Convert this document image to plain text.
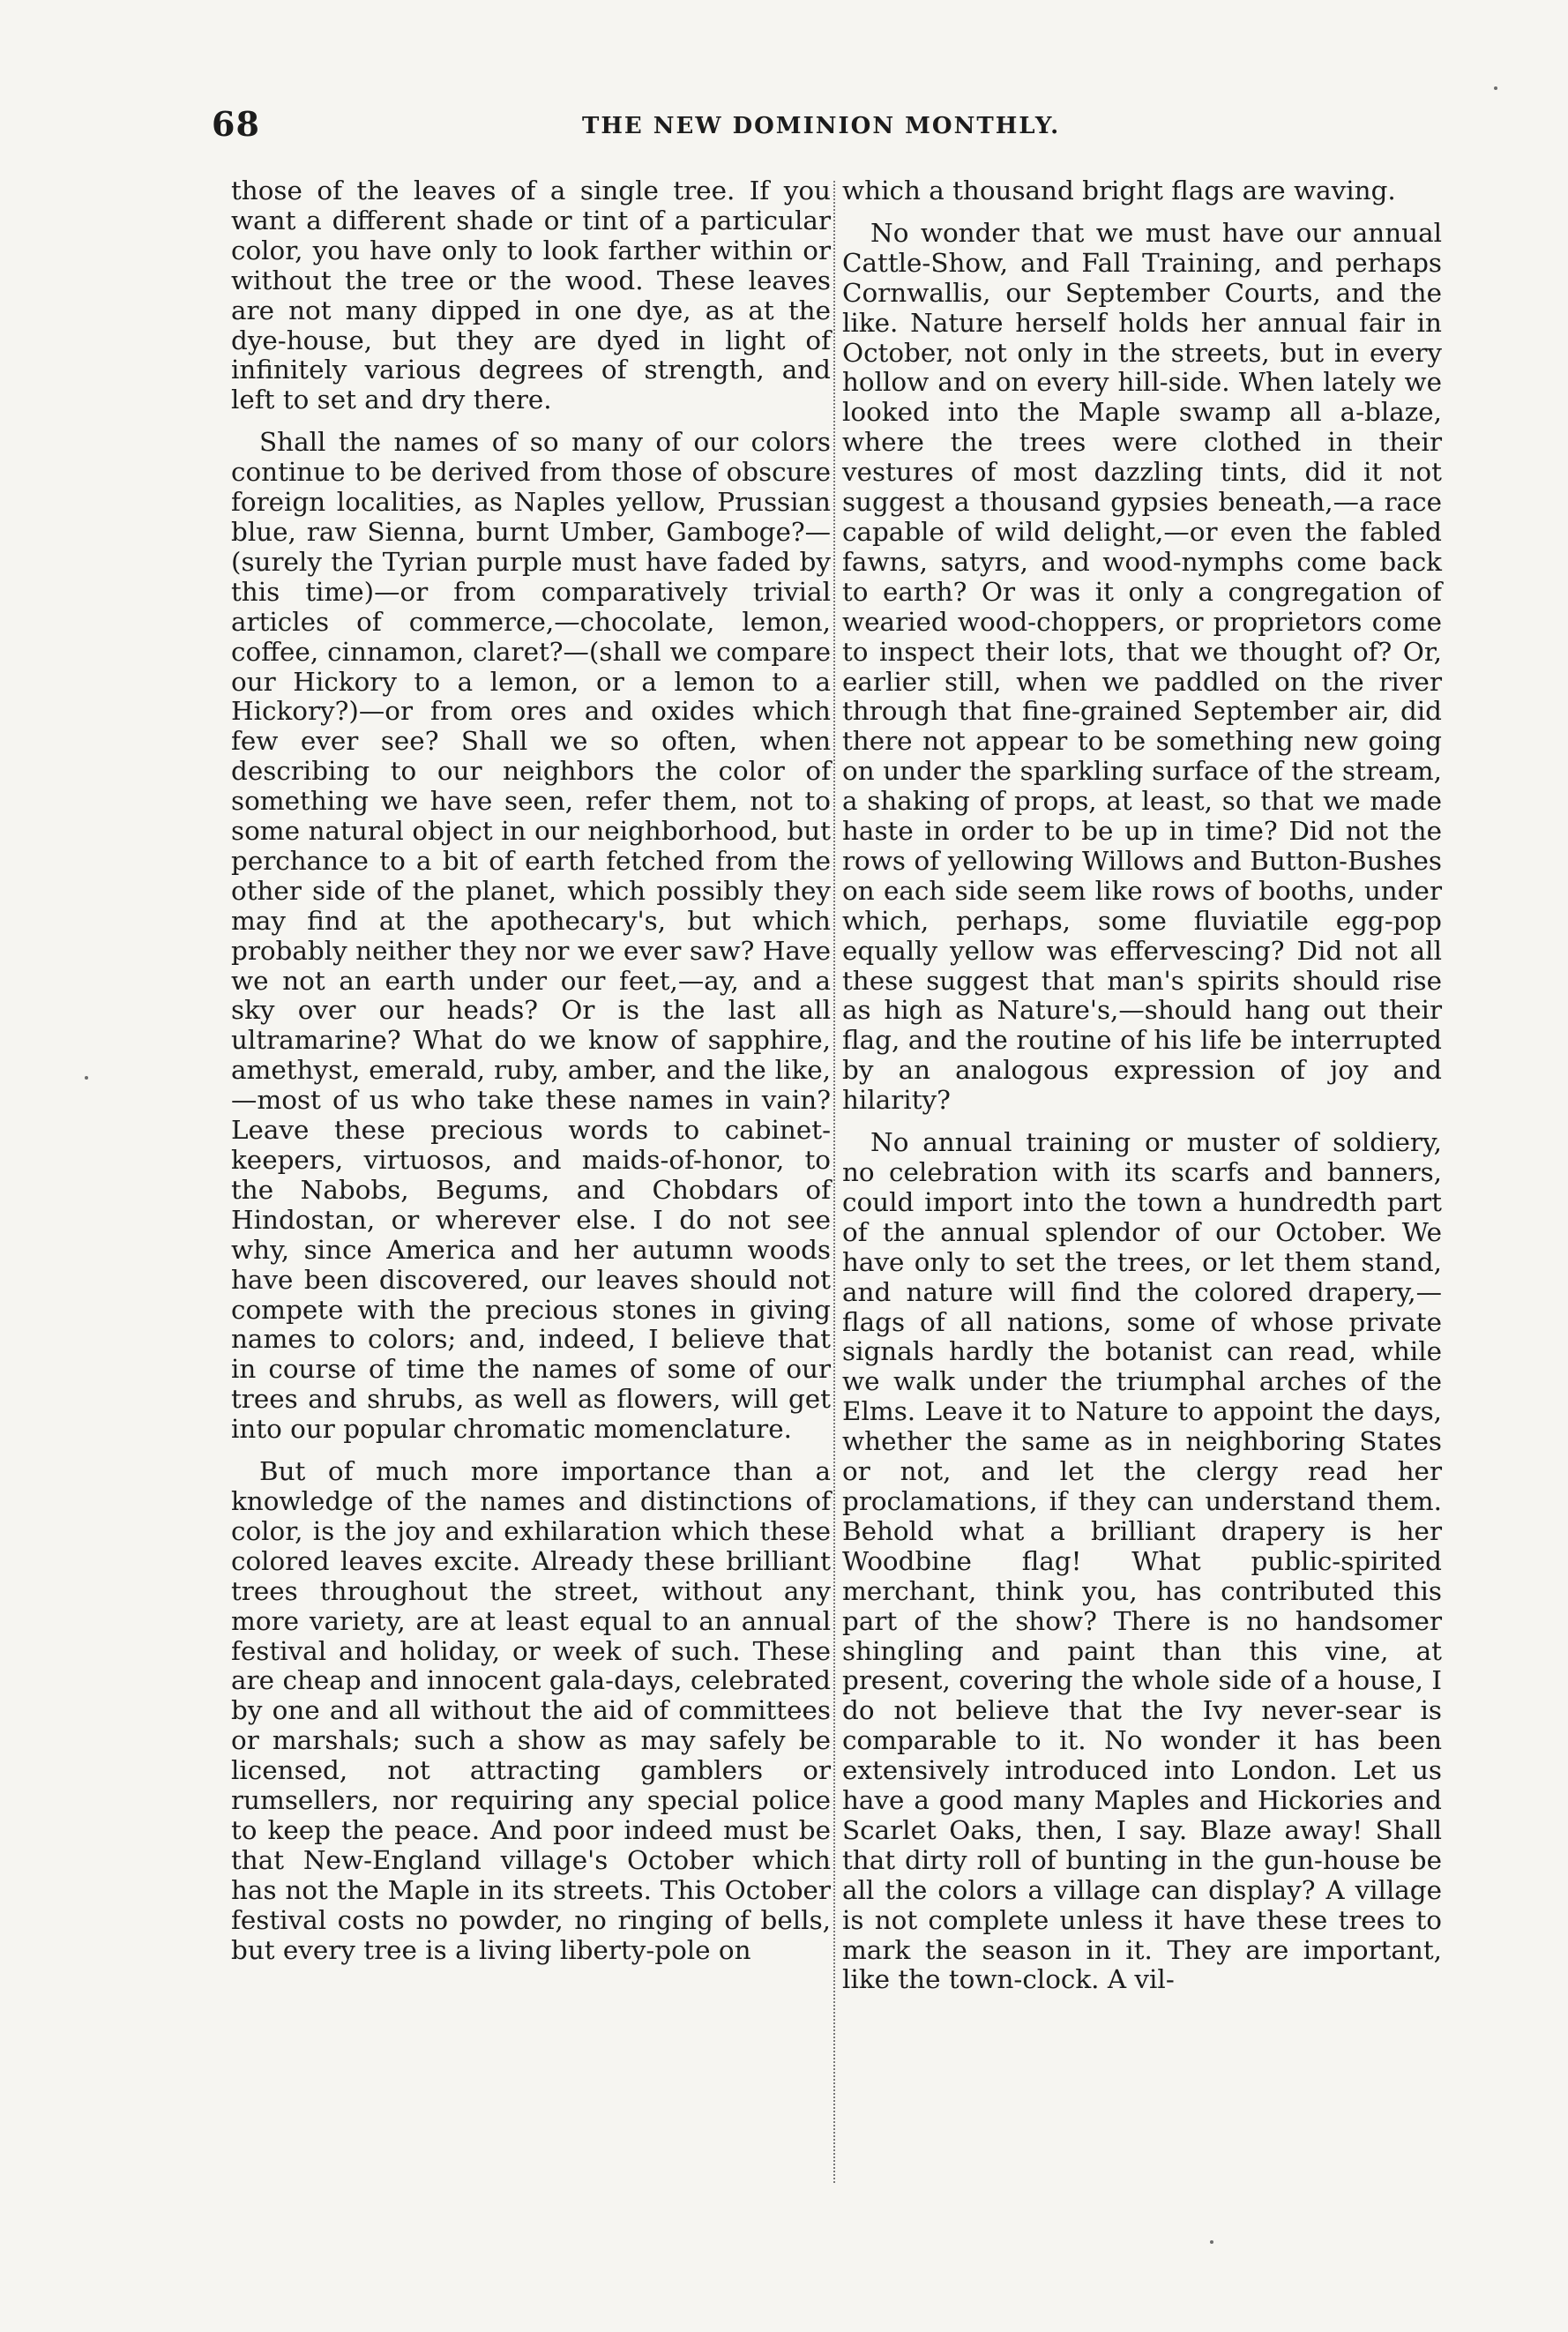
68	THE NEW DOMINION MONTHLY.

those of the leaves of a single tree. If you want a different shade or tint of a particular color, you have only to look farther within or without the tree or the wood. These leaves are not many dipped in one dye, as at the dye-house, but they are dyed in light of infinitely various degrees of strength, and left to set and dry there.

Shall the names of so many of our colors continue to be derived from those of obscure foreign localities, as Naples yellow, Prussian blue, raw Sienna, burnt Umber, Gamboge?—(surely the Tyrian purple must have faded by this time)—or from comparatively trivial articles of commerce,—chocolate, lemon, coffee, cinnamon, claret?—(shall we compare our Hickory to a lemon, or a lemon to a Hickory?)—or from ores and oxides which few ever see? Shall we so often, when describing to our neighbors the color of something we have seen, refer them, not to some natural object in our neighborhood, but perchance to a bit of earth fetched from the other side of the planet, which possibly they may find at the apothecary's, but which probably neither they nor we ever saw? Have we not an earth under our feet,—ay, and a sky over our heads? Or is the last all ultramarine? What do we know of sapphire, amethyst, emerald, ruby, amber, and the like,—most of us who take these names in vain? Leave these precious words to cabinet-keepers, virtuosos, and maids-of-honor, to the Nabobs, Begums, and Chobdars of Hindostan, or wherever else. I do not see why, since America and her autumn woods have been discovered, our leaves should not compete with the precious stones in giving names to colors; and, indeed, I believe that in course of time the names of some of our trees and shrubs, as well as flowers, will get into our popular chromatic momenclature.

But of much more importance than a knowledge of the names and distinctions of color, is the joy and exhilaration which these colored leaves excite. Already these brilliant trees throughout the street, without any more variety, are at least equal to an annual festival and holiday, or week of such. These are cheap and innocent gala-days, celebrated by one and all without the aid of committees or marshals; such a show as may safely be licensed, not attracting gamblers or rumsellers, nor requiring any special police to keep the peace. And poor indeed must be that New-England village's October which has not the Maple in its streets. This October festival costs no powder, no ringing of bells, but every tree is a living liberty-pole on

which a thousand bright flags are waving.

No wonder that we must have our annual Cattle-Show, and Fall Training, and perhaps Cornwallis, our September Courts, and the like. Nature herself holds her annual fair in October, not only in the streets, but in every hollow and on every hill-side. When lately we looked into the Maple swamp all a-blaze, where the trees were clothed in their vestures of most dazzling tints, did it not suggest a thousand gypsies beneath,—a race capable of wild delight,—or even the fabled fawns, satyrs, and wood-nymphs come back to earth? Or was it only a congregation of wearied wood-choppers, or proprietors come to inspect their lots, that we thought of? Or, earlier still, when we paddled on the river through that fine-grained September air, did there not appear to be something new going on under the sparkling surface of the stream, a shaking of props, at least, so that we made haste in order to be up in time? Did not the rows of yellowing Willows and Button-Bushes on each side seem like rows of booths, under which, perhaps, some fluviatile egg-pop equally yellow was effervescing? Did not all these suggest that man's spirits should rise as high as Nature's,—should hang out their flag, and the routine of his life be interrupted by an analogous expression of joy and hilarity?

No annual training or muster of soldiery, no celebration with its scarfs and banners, could import into the town a hundredth part of the annual splendor of our October. We have only to set the trees, or let them stand, and nature will find the colored drapery,—flags of all nations, some of whose private signals hardly the botanist can read, while we walk under the triumphal arches of the Elms. Leave it to Nature to appoint the days, whether the same as in neighboring States or not, and let the clergy read her proclamations, if they can understand them. Behold what a brilliant drapery is her Woodbine flag! What public-spirited merchant, think you, has contributed this part of the show? There is no handsomer shingling and paint than this vine, at present, covering the whole side of a house, I do not believe that the Ivy never-sear is comparable to it. No wonder it has been extensively introduced into London. Let us have a good many Maples and Hickories and Scarlet Oaks, then, I say. Blaze away! Shall that dirty roll of bunting in the gun-house be all the colors a village can display? A village is not complete unless it have these trees to mark the season in it. They are important, like the town-clock. A vil-
